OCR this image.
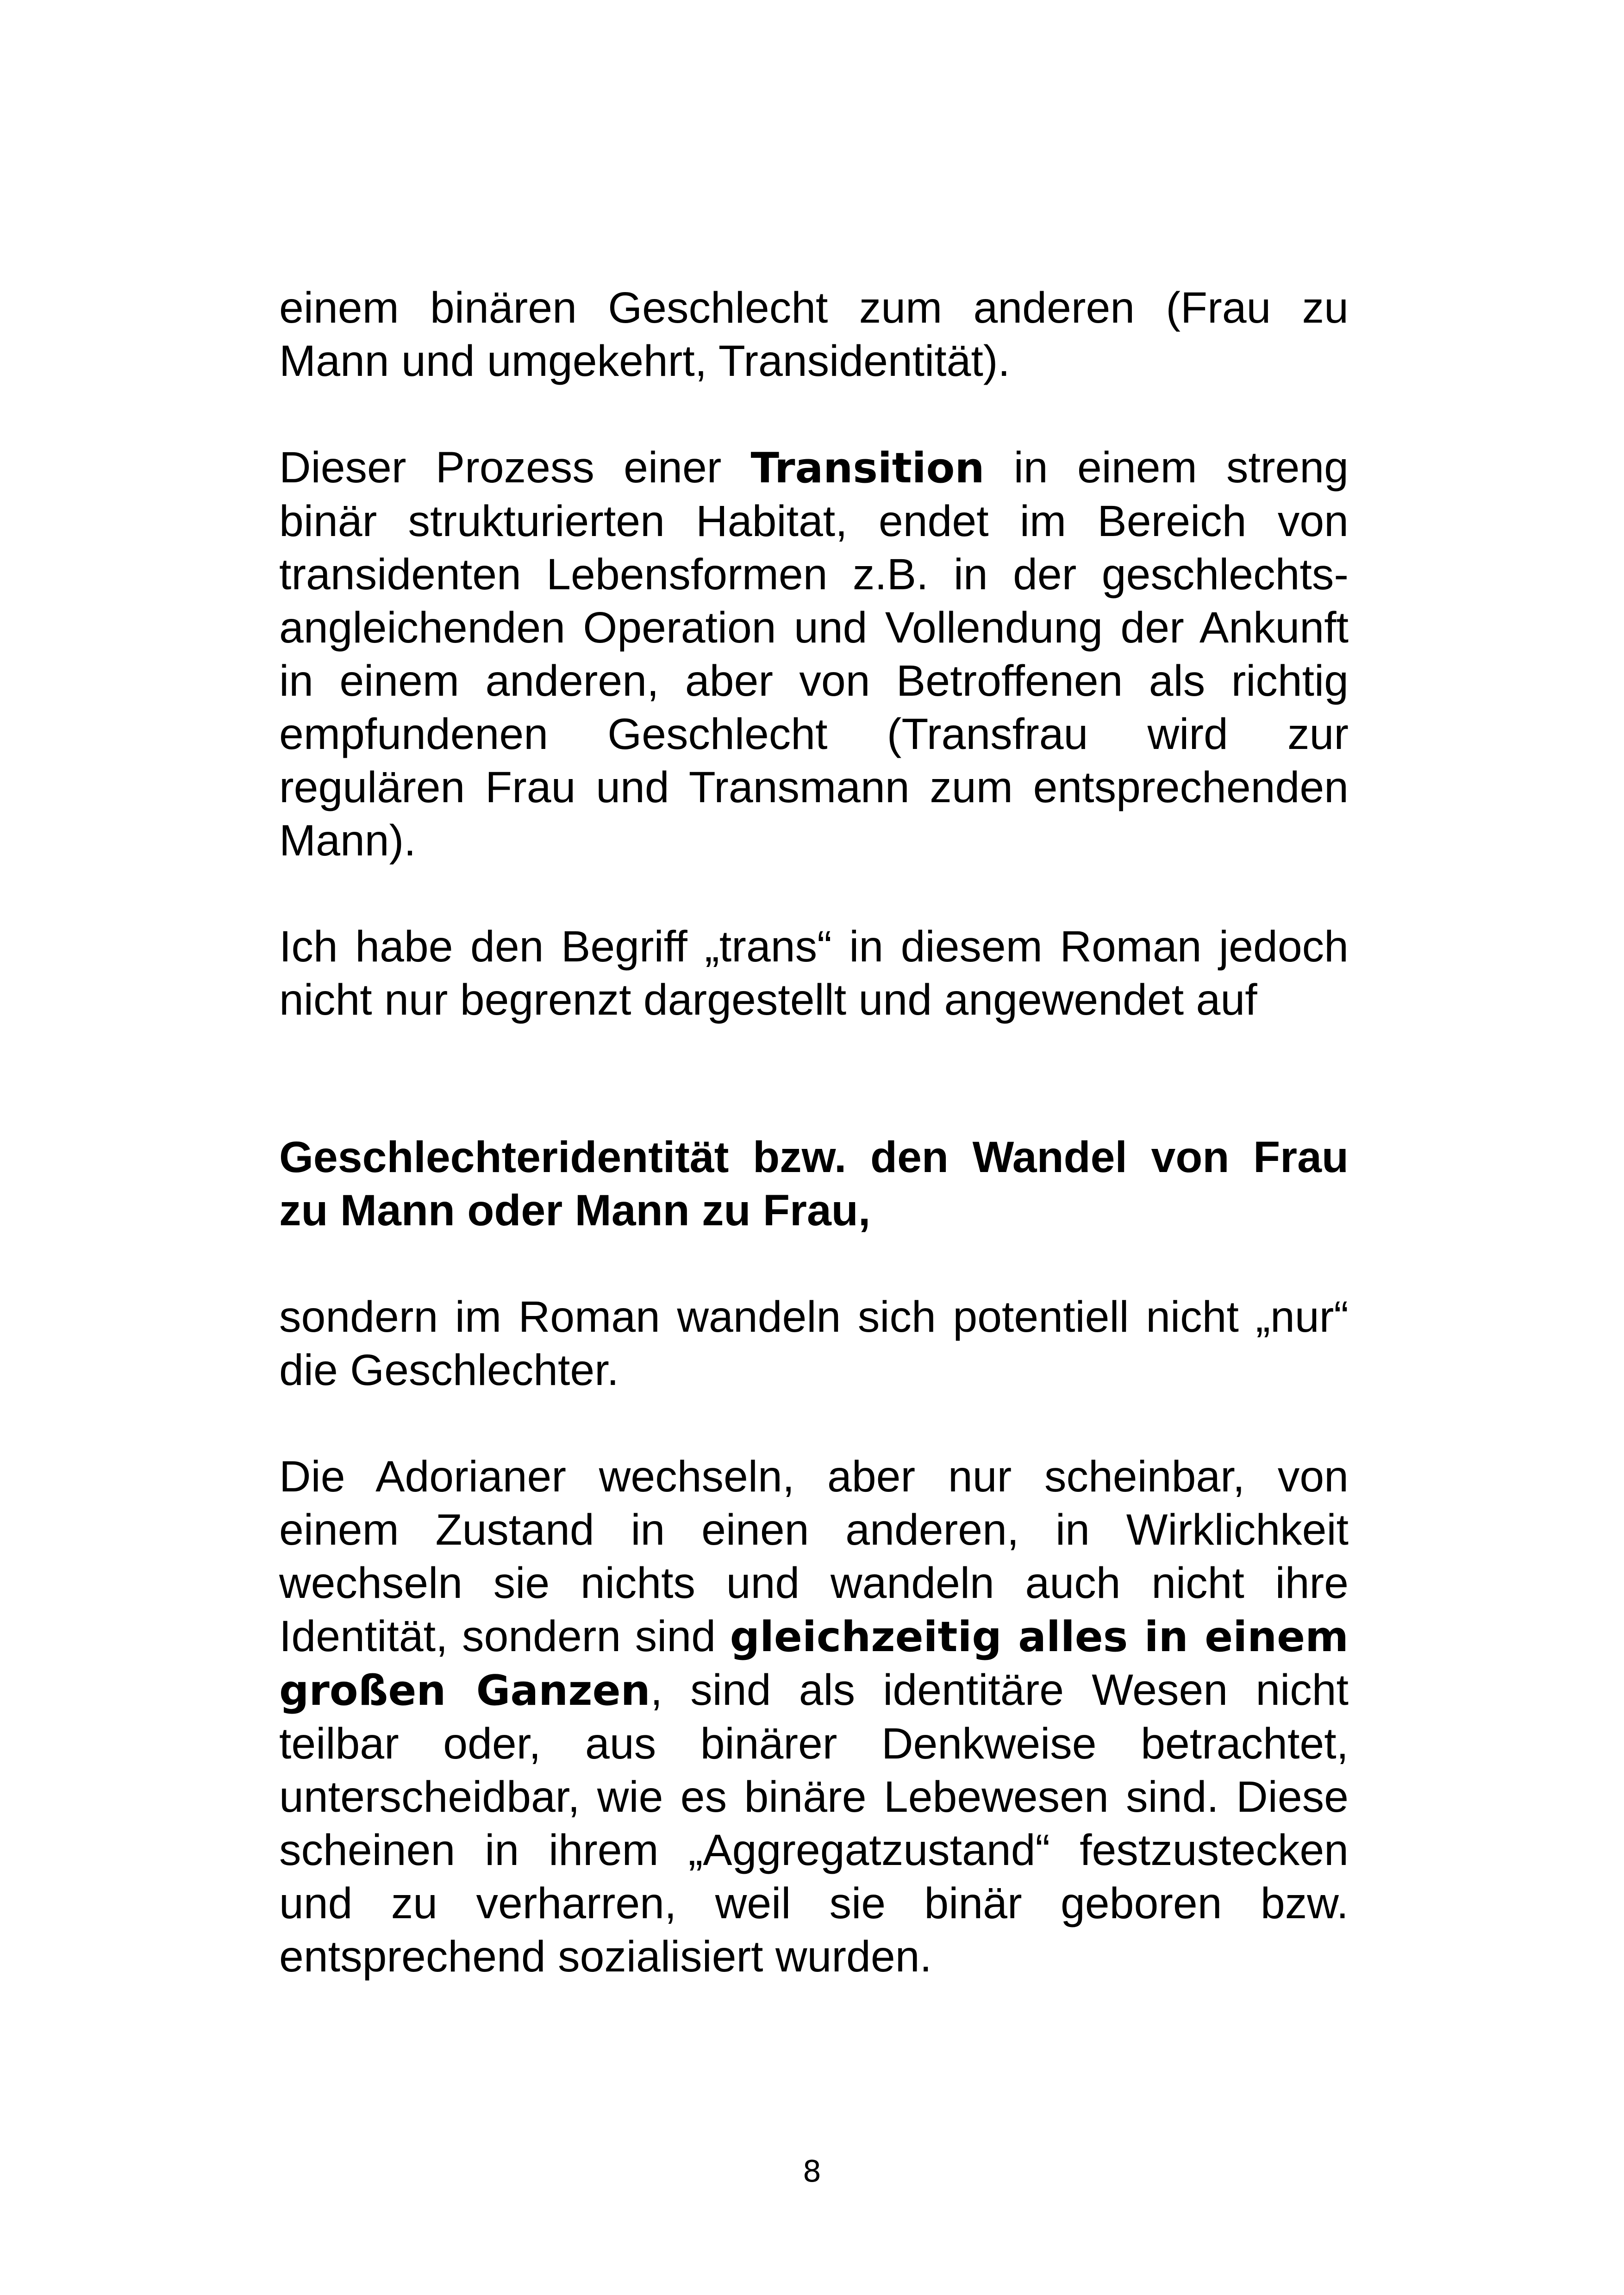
einem binären Geschlecht zum anderen (Frau zu Mann und umgekehrt, Transidentität).

Dieser Prozess einer Transition in einem streng binär strukturierten Habitat, endet im Bereich von transidenten Lebensformen z.B. in der geschlechts-angleichenden Operation und Vollendung der Ankunft in einem anderen, aber von Betroffenen als richtig empfundenen Geschlecht (Transfrau wird zur regulären Frau und Transmann zum entsprechenden Mann).

Ich habe den Begriff „trans“ in diesem Roman jedoch nicht nur begrenzt dargestellt und angewendet auf

Geschlechteridentität bzw. den Wandel von Frau zu Mann oder Mann zu Frau,

sondern im Roman wandeln sich potentiell nicht „nur“ die Geschlechter.

Die Adorianer wechseln, aber nur scheinbar, von einem Zustand in einen anderen, in Wirklichkeit wechseln sie nichts und wandeln auch nicht ihre Identität, sondern sind gleichzeitig alles in einem großen Ganzen, sind als identitäre Wesen nicht teilbar oder, aus binärer Denkweise betrachtet, unterscheidbar, wie es binäre Lebewesen sind. Diese scheinen in ihrem „Aggregatzustand“ festzustecken und zu verharren, weil sie binär geboren bzw. entsprechend sozialisiert wurden.

8
